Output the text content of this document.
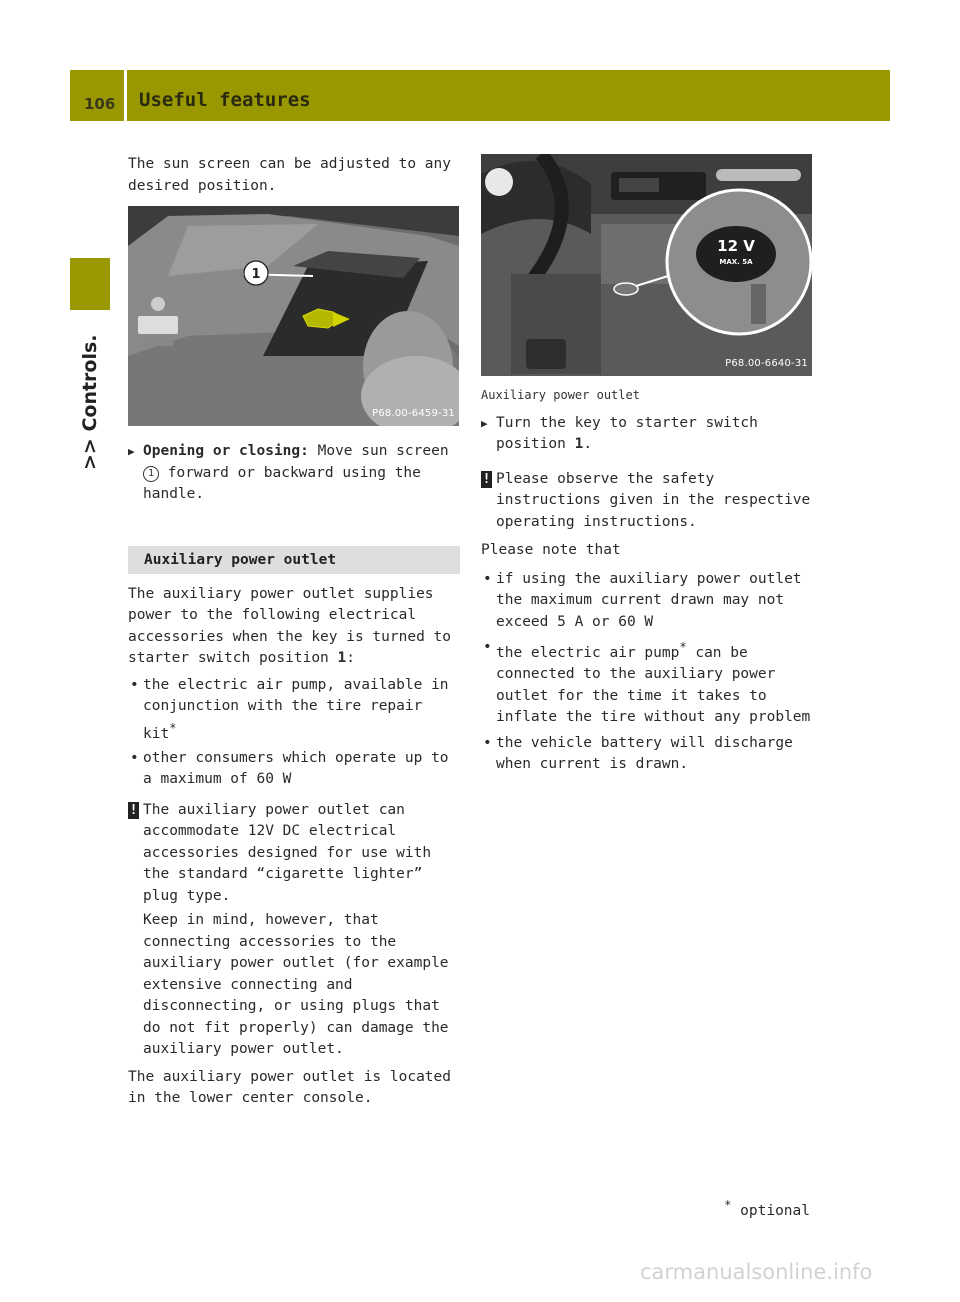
106 Useful features
>> Controls.

The sun screen can be adjusted to any desired position.

1
P68.00-6459-31
▶ Opening or closing: Move sun screen 1 forward or backward using the handle.
Auxiliary power outlet

The auxiliary power outlet supplies power to the following electrical accessories when the key is turned to starter switch position 1:

• the electric air pump, available in conjunction with the tire repair kit*
• other consumers which operate up to a maximum of 60 W
! The auxiliary power outlet can accommodate 12V DC electrical accessories designed for use with the standard “cigarette lighter” plug type.

Keep in mind, however, that connecting accessories to the auxiliary power outlet (for example extensive connecting and disconnecting, or using plugs that do not fit properly) can damage the auxiliary power outlet.

The auxiliary power outlet is located in the lower center console.

12 V
MAX. 5A
P68.00-6640-31

Auxiliary power outlet

▶ Turn the key to starter switch position 1.
! Please observe the safety instructions given in the respective operating instructions.

Please note that

• if using the auxiliary power outlet the maximum current drawn may not exceed 5 A or 60 W
• the electric air pump* can be connected to the auxiliary power outlet for the time it takes to inflate the tire without any problem
• the vehicle battery will discharge when current is drawn.
* optional
carmanualsonline.info
